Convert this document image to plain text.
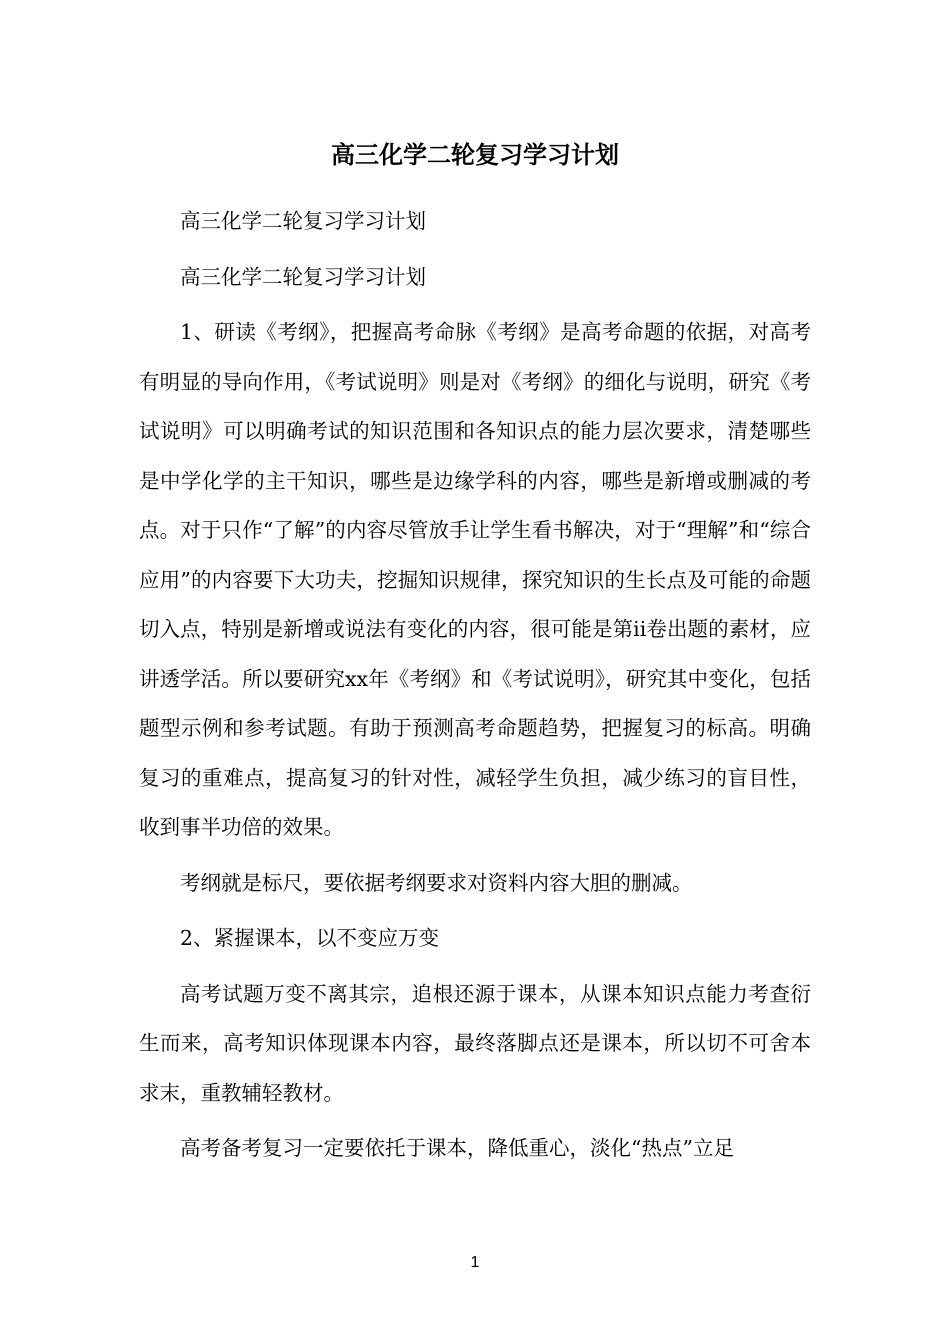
高三化学二轮复习学习计划

高三化学二轮复习学习计划

高三化学二轮复习学习计划

1、研读《考纲》，把握高考命脉《考纲》是高考命题的依据，对高考有明显的导向作用，《考试说明》则是对《考纲》的细化与说明，研究《考试说明》可以明确考试的知识范围和各知识点的能力层次要求，清楚哪些是中学化学的主干知识，哪些是边缘学科的内容，哪些是新增或删减的考点。对于只作“了解”的内容尽管放手让学生看书解决，对于“理解”和“综合应用”的内容要下大功夫，挖掘知识规律，探究知识的生长点及可能的命题切入点，特别是新增或说法有变化的内容，很可能是第ii卷出题的素材，应讲透学活。所以要研究xx年《考纲》和《考试说明》，研究其中变化，包括题型示例和参考试题。有助于预测高考命题趋势，把握复习的标高。明确复习的重难点，提高复习的针对性，减轻学生负担，减少练习的盲目性，收到事半功倍的效果。

考纲就是标尺，要依据考纲要求对资料内容大胆的删减。

2、紧握课本，以不变应万变

高考试题万变不离其宗，追根还源于课本，从课本知识点能力考查衍生而来，高考知识体现课本内容，最终落脚点还是课本，所以切不可舍本求末，重教辅轻教材。

高考备考复习一定要依托于课本，降低重心，淡化“热点”立足

1
